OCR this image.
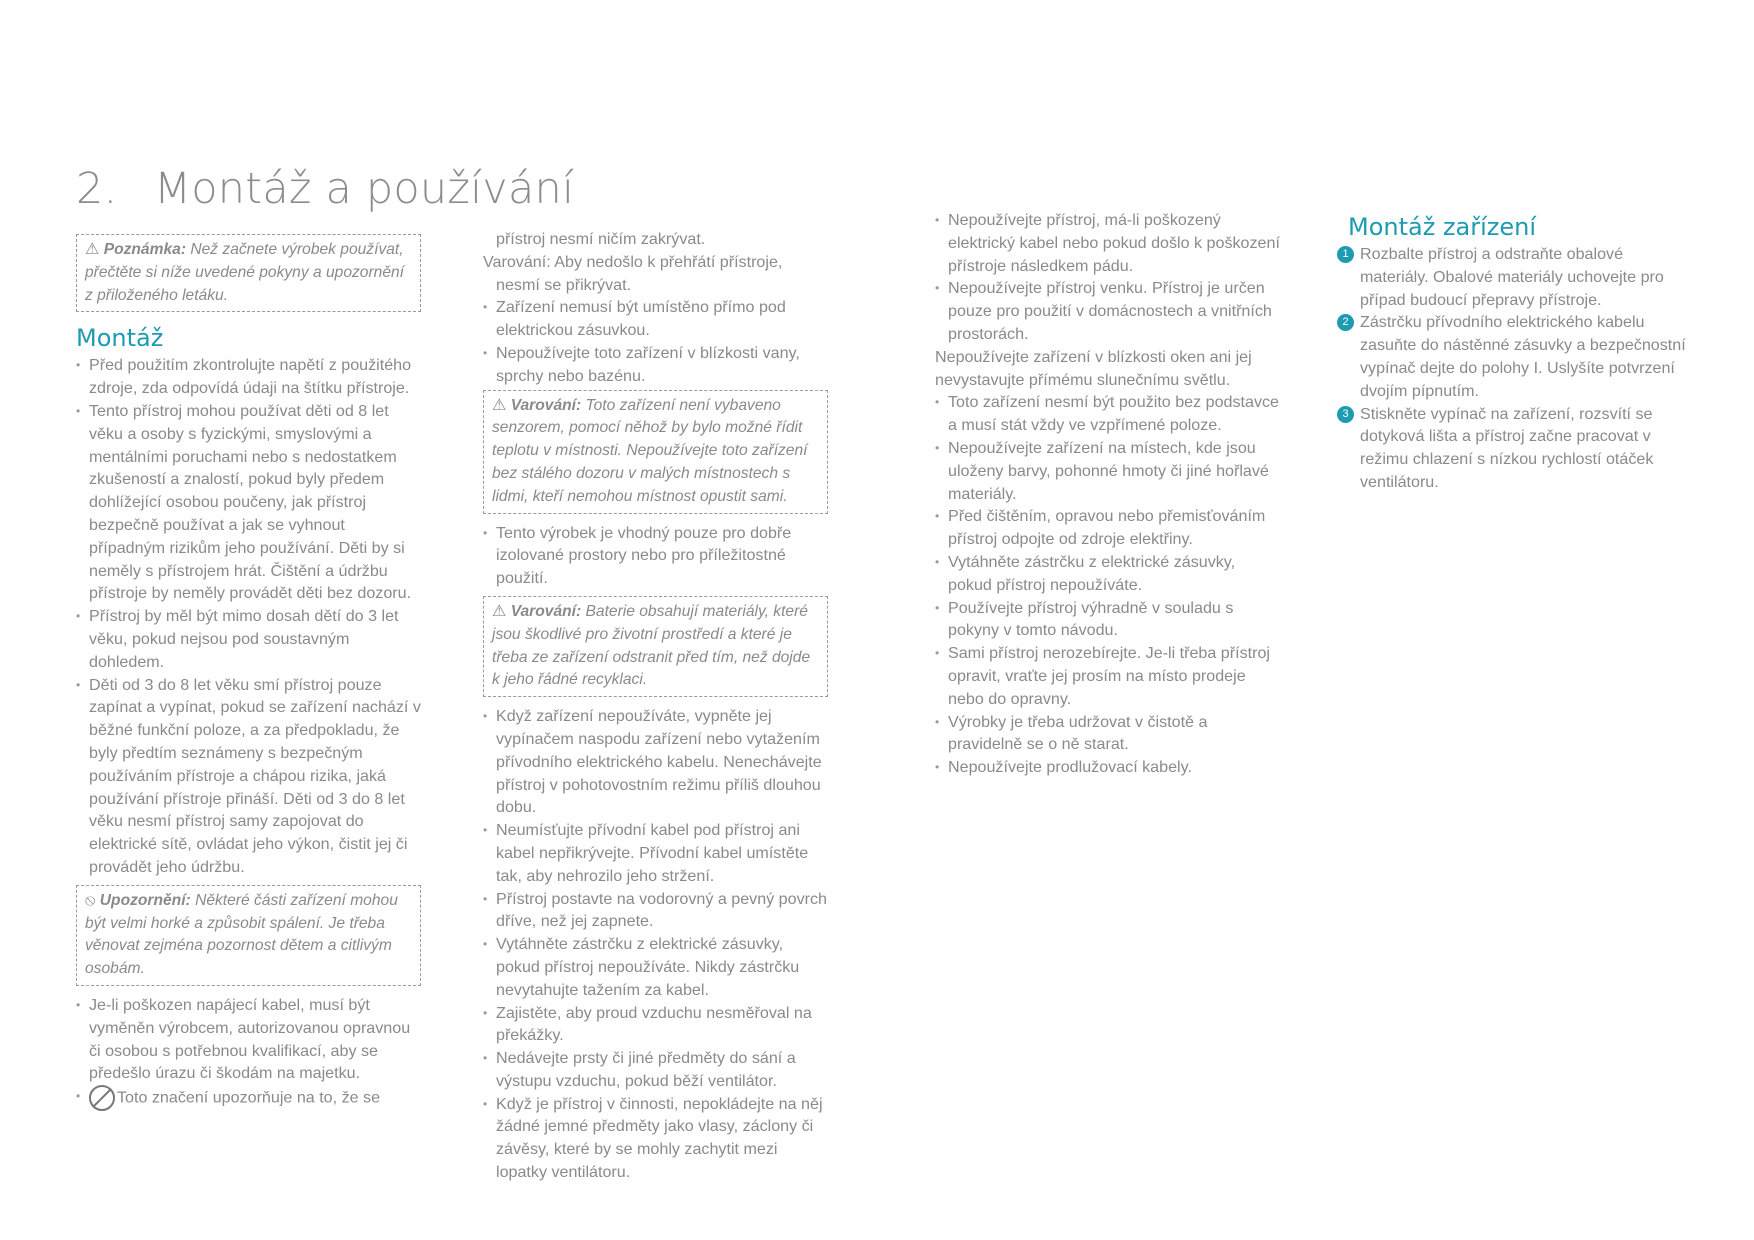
2. Montáž a používání
⚠ Poznámka: Než začnete výrobek používat, přečtěte si níže uvedené pokyny a upozornění z přiloženého letáku.
Montáž
• Před použitím zkontrolujte napětí z použitého zdroje, zda odpovídá údaji na štítku přístroje.
• Tento přístroj mohou používat děti od 8 let věku a osoby s fyzickými, smyslovými a mentálními poruchami nebo s nedostatkem zkušeností a znalostí, pokud byly předem dohlížející osobou poučeny, jak přístroj bezpečně používat a jak se vyhnout případným rizikům jeho používání. Děti by si neměly s přístrojem hrát. Čištění a údržbu přístroje by neměly provádět děti bez dozoru.
• Přístroj by měl být mimo dosah dětí do 3 let věku, pokud nejsou pod soustavným dohledem.
• Děti od 3 do 8 let věku smí přístroj pouze zapínat a vypínat, pokud se zařízení nachází v běžné funkční poloze, a za předpokladu, že byly předtím seznámeny s bezpečným používáním přístroje a chápou rizika, jaká používání přístroje přináší. Děti od 3 do 8 let věku nesmí přístroj samy zapojovat do elektrické sítě, ovládat jeho výkon, čistit jej či provádět jeho údržbu.
⦸ Upozornění: Některé části zařízení mohou být velmi horké a způsobit spálení. Je třeba věnovat zejména pozornost dětem a citlivým osobám.
• Je-li poškozen napájecí kabel, musí být vyměněn výrobcem, autorizovanou opravnou či osobou s potřebnou kvalifikací, aby se předešlo úrazu či škodám na majetku.
• Toto značení upozorňuje na to, že se

přístroj nesmí ničím zakrývat.

Varování: Aby nedošlo k přehřátí přístroje,

nesmí se přikrývat.

• Zařízení nemusí být umístěno přímo pod elektrickou zásuvkou.
• Nepoužívejte toto zařízení v blízkosti vany, sprchy nebo bazénu.
⚠ Varování: Toto zařízení není vybaveno senzorem, pomocí něhož by bylo možné řídit teplotu v místnosti. Nepoužívejte toto zařízení bez stálého dozoru v malých místnostech s lidmi, kteří nemohou místnost opustit sami.
• Tento výrobek je vhodný pouze pro dobře izolované prostory nebo pro příležitostné použití.
⚠ Varování: Baterie obsahují materiály, které jsou škodlivé pro životní prostředí a které je třeba ze zařízení odstranit před tím, než dojde k jeho řádné recyklaci.
• Když zařízení nepoužíváte, vypněte jej vypínačem naspodu zařízení nebo vytažením přívodního elektrického kabelu. Nenechávejte přístroj v pohotovostním režimu příliš dlouhou dobu.
• Neumísťujte přívodní kabel pod přístroj ani kabel nepřikrývejte. Přívodní kabel umístěte tak, aby nehrozilo jeho stržení.
• Přístroj postavte na vodorovný a pevný povrch dříve, než jej zapnete.
• Vytáhněte zástrčku z elektrické zásuvky, pokud přístroj nepoužíváte. Nikdy zástrčku nevytahujte tažením za kabel.
• Zajistěte, aby proud vzduchu nesměřoval na překážky.
• Nedávejte prsty či jiné předměty do sání a výstupu vzduchu, pokud běží ventilátor.
• Když je přístroj v činnosti, nepokládejte na něj žádné jemné předměty jako vlasy, záclony či závěsy, které by se mohly zachytit mezi lopatky ventilátoru.
• Nepoužívejte přístroj, má-li poškozený elektrický kabel nebo pokud došlo k poškození přístroje následkem pádu.
• Nepoužívejte přístroj venku. Přístroj je určen pouze pro použití v domácnostech a vnitřních prostorách.

Nepoužívejte zařízení v blízkosti oken ani jej nevystavujte přímému slunečnímu světlu.

• Toto zařízení nesmí být použito bez podstavce a musí stát vždy ve vzpřímené poloze.
• Nepoužívejte zařízení na místech, kde jsou uloženy barvy, pohonné hmoty či jiné hořlavé materiály.
• Před čištěním, opravou nebo přemisťováním přístroj odpojte od zdroje elektřiny.
• Vytáhněte zástrčku z elektrické zásuvky, pokud přístroj nepoužíváte.
• Používejte přístroj výhradně v souladu s pokyny v tomto návodu.
• Sami přístroj nerozebírejte. Je-li třeba přístroj opravit, vraťte jej prosím na místo prodeje nebo do opravny.
• Výrobky je třeba udržovat v čistotě a pravidelně se o ně starat.
• Nepoužívejte prodlužovací kabely.
Montáž zařízení
1 Rozbalte přístroj a odstraňte obalové materiály. Obalové materiály uchovejte pro případ budoucí přepravy přístroje.
2 Zástrčku přívodního elektrického kabelu zasuňte do nástěnné zásuvky a bezpečnostní vypínač dejte do polohy I. Uslyšíte potvrzení dvojím pípnutím.
3 Stiskněte vypínač na zařízení, rozsvítí se dotyková lišta a přístroj začne pracovat v režimu chlazení s nízkou rychlostí otáček ventilátoru.
